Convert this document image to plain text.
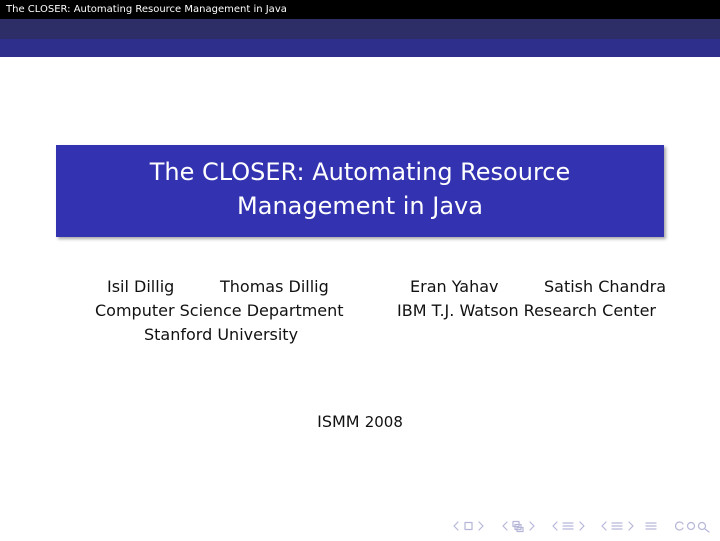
The CLOSER: Automating Resource Management in Java
The CLOSER: Automating Resource
Management in Java
Isil Dillig	Thomas Dillig
Computer Science Department
Stanford University
Eran Yahav	Satish Chandra
IBM T.J. Watson Research Center
ISMM 2008
